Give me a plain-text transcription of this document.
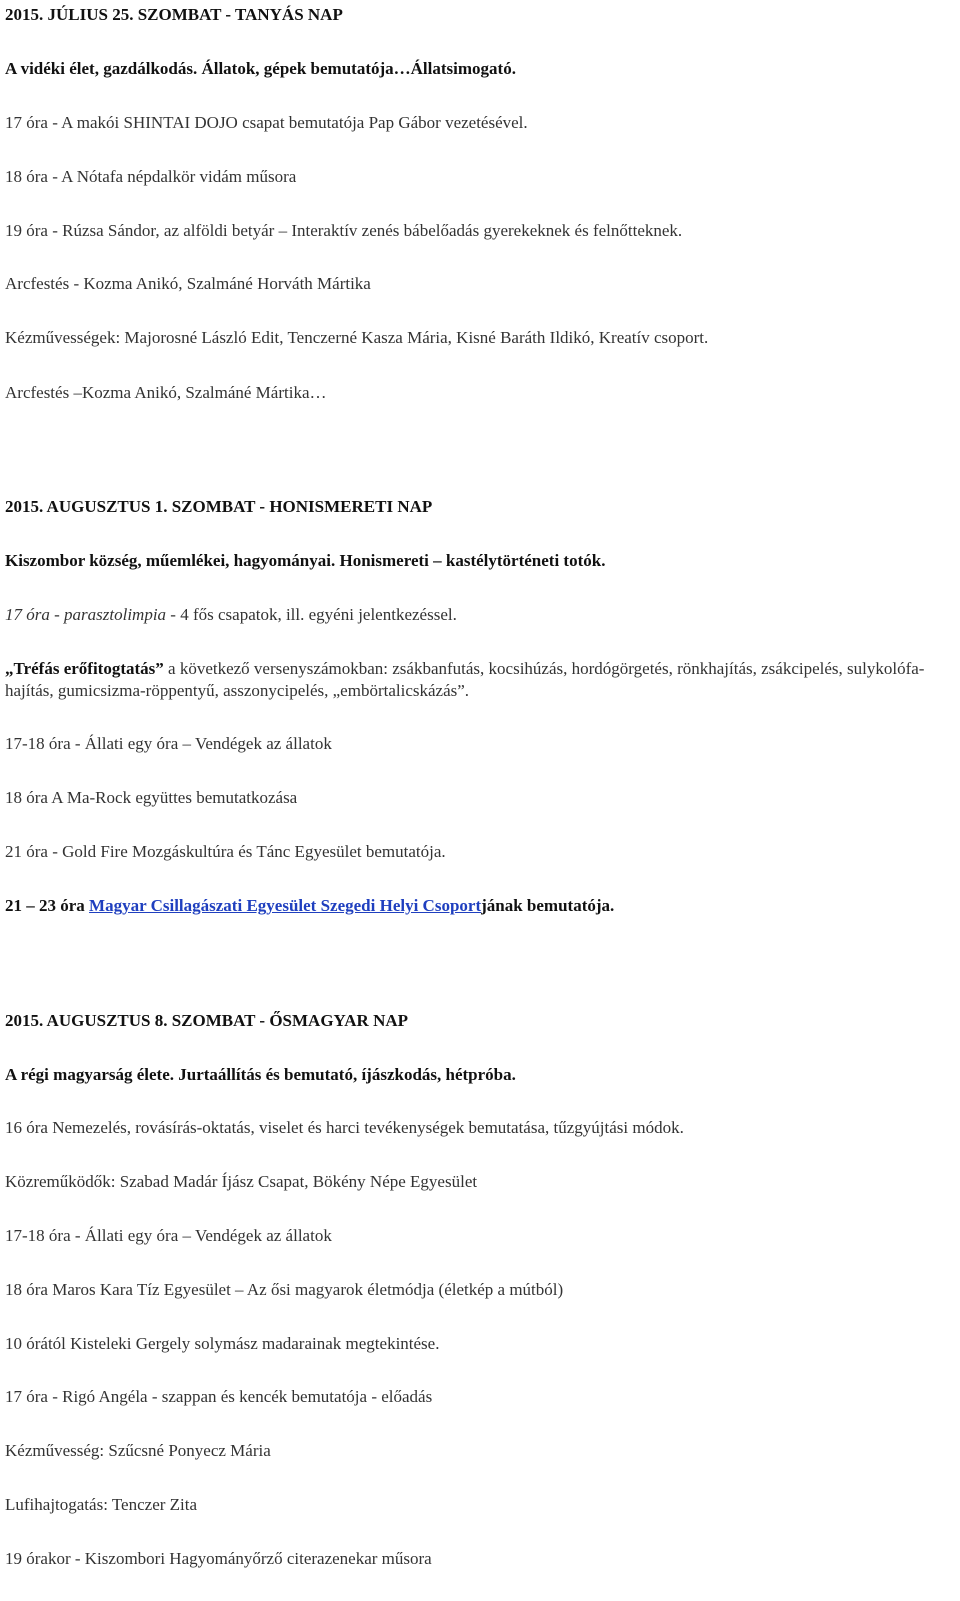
2015. JÚLIUS 25. SZOMBAT - TANYÁS NAP
A vidéki élet, gazdálkodás. Állatok, gépek bemutatója…Állatsimogató.
17 óra - A makói SHINTAI DOJO csapat bemutatója Pap Gábor vezetésével.
18 óra - A Nótafa népdalkör vidám műsora
19 óra - Rúzsa Sándor, az alföldi betyár – Interaktív zenés bábelőadás gyerekeknek és felnőtteknek.
Arcfestés - Kozma Anikó, Szalmáné Horváth Mártika
Kézművességek: Majorosné László Edit, Tenczerné Kasza Mária, Kisné Baráth Ildikó, Kreatív csoport.
Arcfestés –Kozma Anikó, Szalmáné Mártika…
2015. AUGUSZTUS 1. SZOMBAT - HONISMERETI NAP
Kiszombor község, műemlékei, hagyományai. Honismereti – kastélytörténeti totók.
17 óra - parasztolimpia - 4 fős csapatok, ill. egyéni jelentkezéssel.
„Tréfás erőfitogtatás” a következő versenyszámokban: zsákbanfutás, kocsihúzás, hordógörgetés, rönkhajítás, zsákcipelés, sulykolófa-hajítás, gumicsizma-röppentyű, asszonycipelés, „embörtalicskázás”.
17-18 óra - Állati egy óra – Vendégek az állatok
18 óra A Ma-Rock együttes bemutatkozása
21 óra - Gold Fire Mozgáskultúra és Tánc Egyesület bemutatója.
21 – 23 óra Magyar Csillagászati Egyesület Szegedi Helyi Csoportjának bemutatója.
2015. AUGUSZTUS 8. SZOMBAT - ŐSMAGYAR NAP
A régi magyarság élete. Jurtaállítás és bemutató, íjászkodás, hétpróba.
16 óra Nemezelés, rovásírás-oktatás, viselet és harci tevékenységek bemutatása, tűzgyújtási módok.
Közreműködők: Szabad Madár Íjász Csapat, Bökény Népe Egyesület
17-18 óra - Állati egy óra – Vendégek az állatok
18 óra Maros Kara Tíz Egyesület – Az ősi magyarok életmódja (életkép a mútból)
10 órától Kisteleki Gergely solymász madarainak megtekintése.
17 óra - Rigó Angéla - szappan és kencék bemutatója - előadás
Kézművesség: Szűcsné Ponyecz Mária
Lufihajtogatás: Tenczer Zita
19 órakor - Kiszombori Hagyományőrző citerazenekar műsora
